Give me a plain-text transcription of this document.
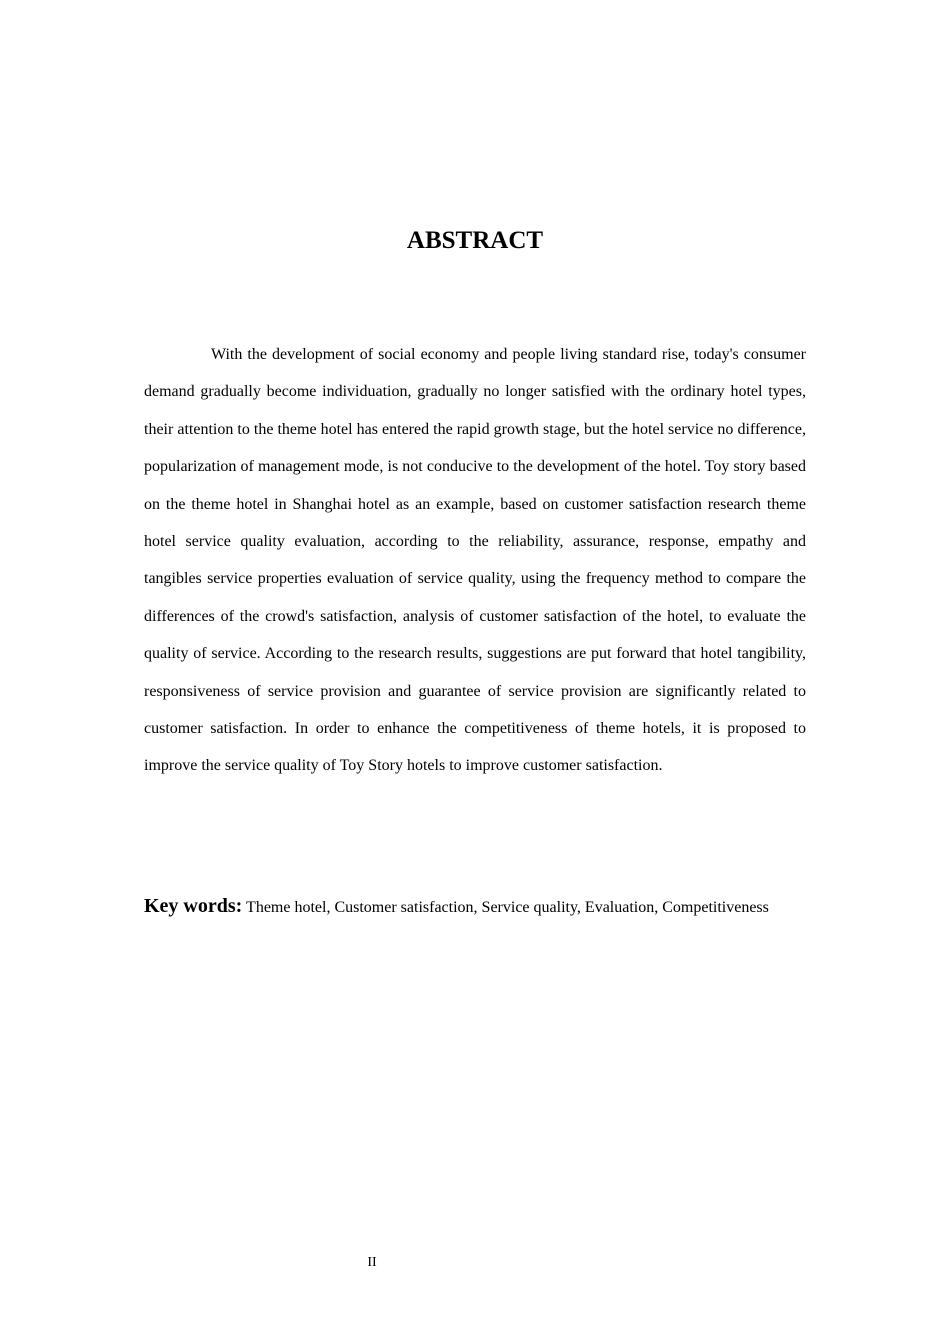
ABSTRACT

With the development of social economy and people living standard rise, today's consumer demand gradually become individuation, gradually no longer satisfied with the ordinary hotel types, their attention to the theme hotel has entered the rapid growth stage, but the hotel service no difference, popularization of management mode, is not conducive to the development of the hotel. Toy story based on the theme hotel in Shanghai hotel as an example, based on customer satisfaction research theme hotel service quality evaluation, according to the reliability, assurance, response, empathy and tangibles service properties evaluation of service quality, using the frequency method to compare the differences of the crowd's satisfaction, analysis of customer satisfaction of the hotel, to evaluate the quality of service. According to the research results, suggestions are put forward that hotel tangibility, responsiveness of service provision and guarantee of service provision are significantly related to customer satisfaction. In order to enhance the competitiveness of theme hotels, it is proposed to improve the service quality of Toy Story hotels to improve customer satisfaction.

Key words: Theme hotel, Customer satisfaction, Service quality, Evaluation, Competitiveness

II
